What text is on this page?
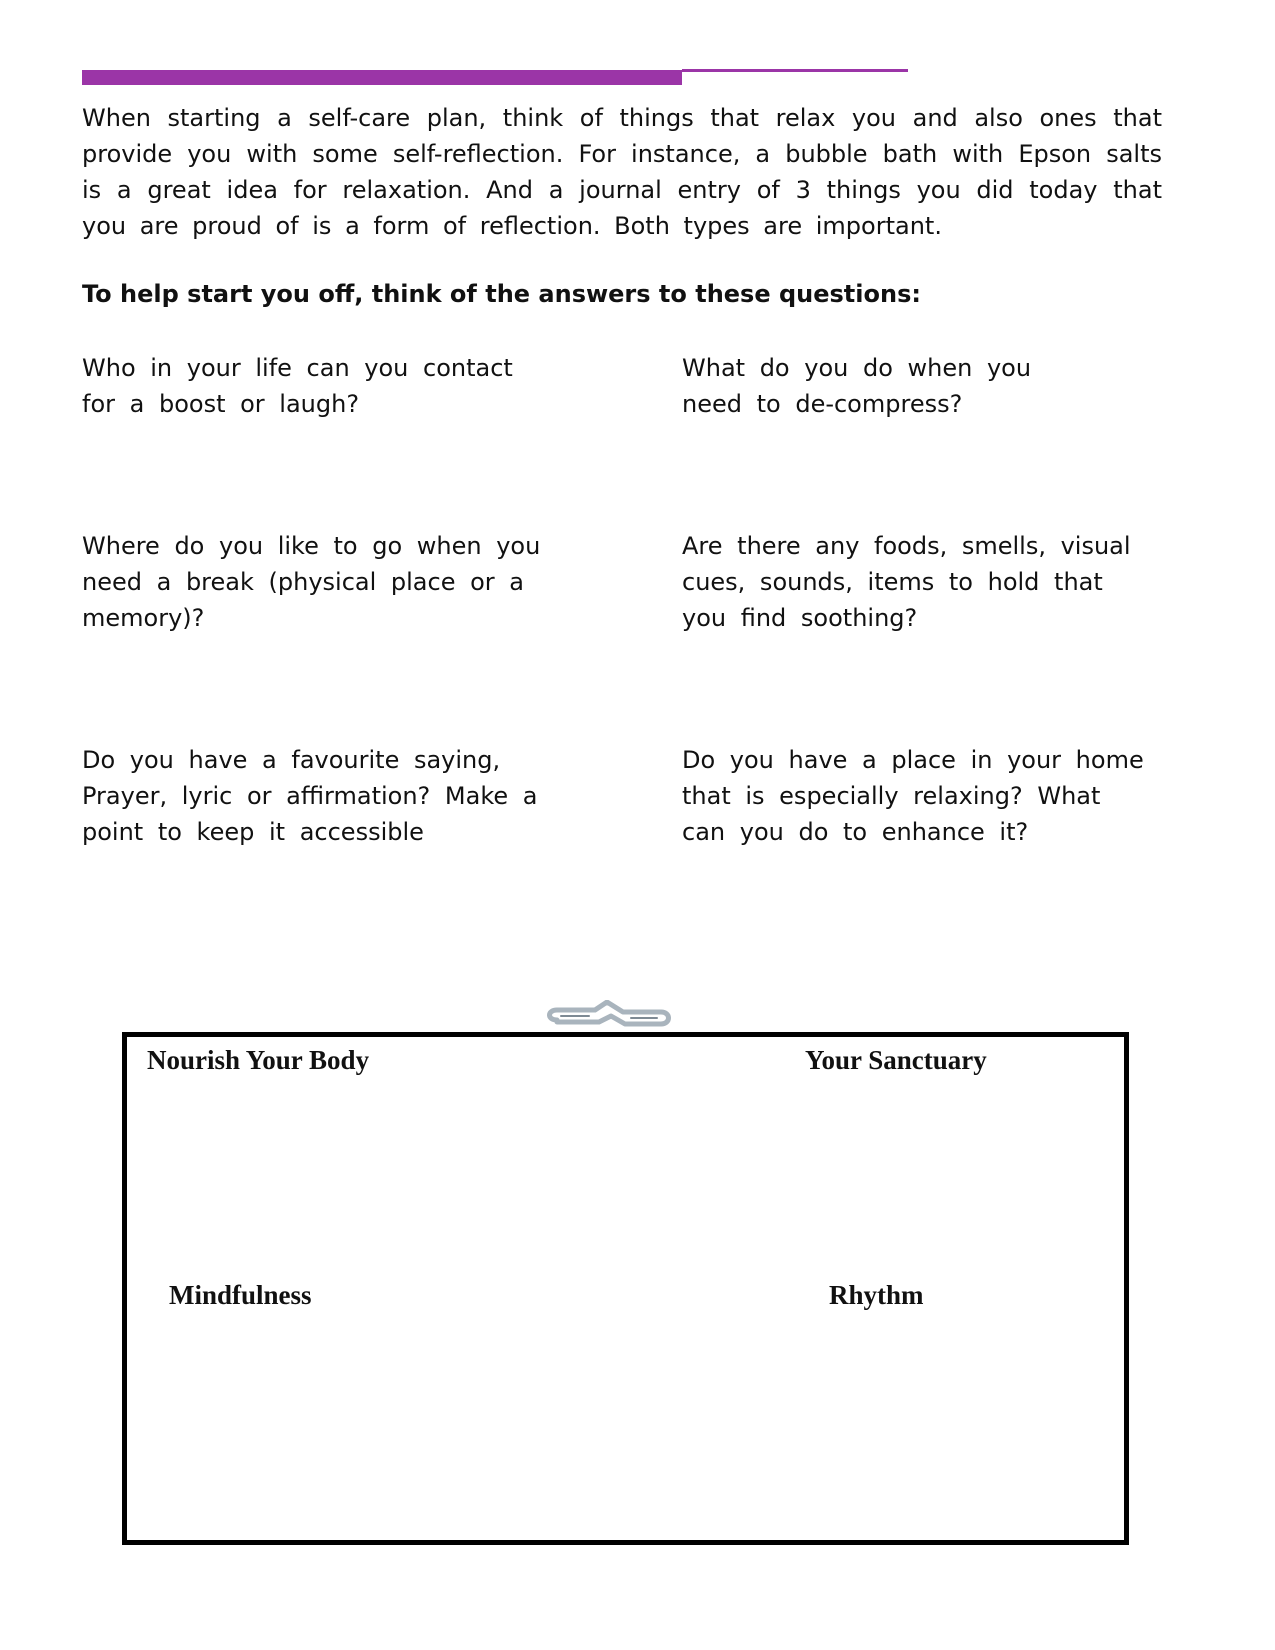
When starting a self-care plan, think of things that relax you and also ones that provide you with some self-reflection. For instance, a bubble bath with Epson salts is a great idea for relaxation. And a journal entry of 3 things you did today that you are proud of is a form of reflection. Both types are important.

To help start you off, think of the answers to these questions:

Who in your life can you contact for a boost or laugh?

What do you do when you need to de-compress?

Where do you like to go when you need a break (physical place or a memory)?

Are there any foods, smells, visual cues, sounds, items to hold that you find soothing?

Do you have a favourite saying, Prayer, lyric or affirmation? Make a point to keep it accessible

Do you have a place in your home that is especially relaxing? What can you do to enhance it?

Nourish Your Body	Your Sanctuary

Mindfulness	Rhythm
